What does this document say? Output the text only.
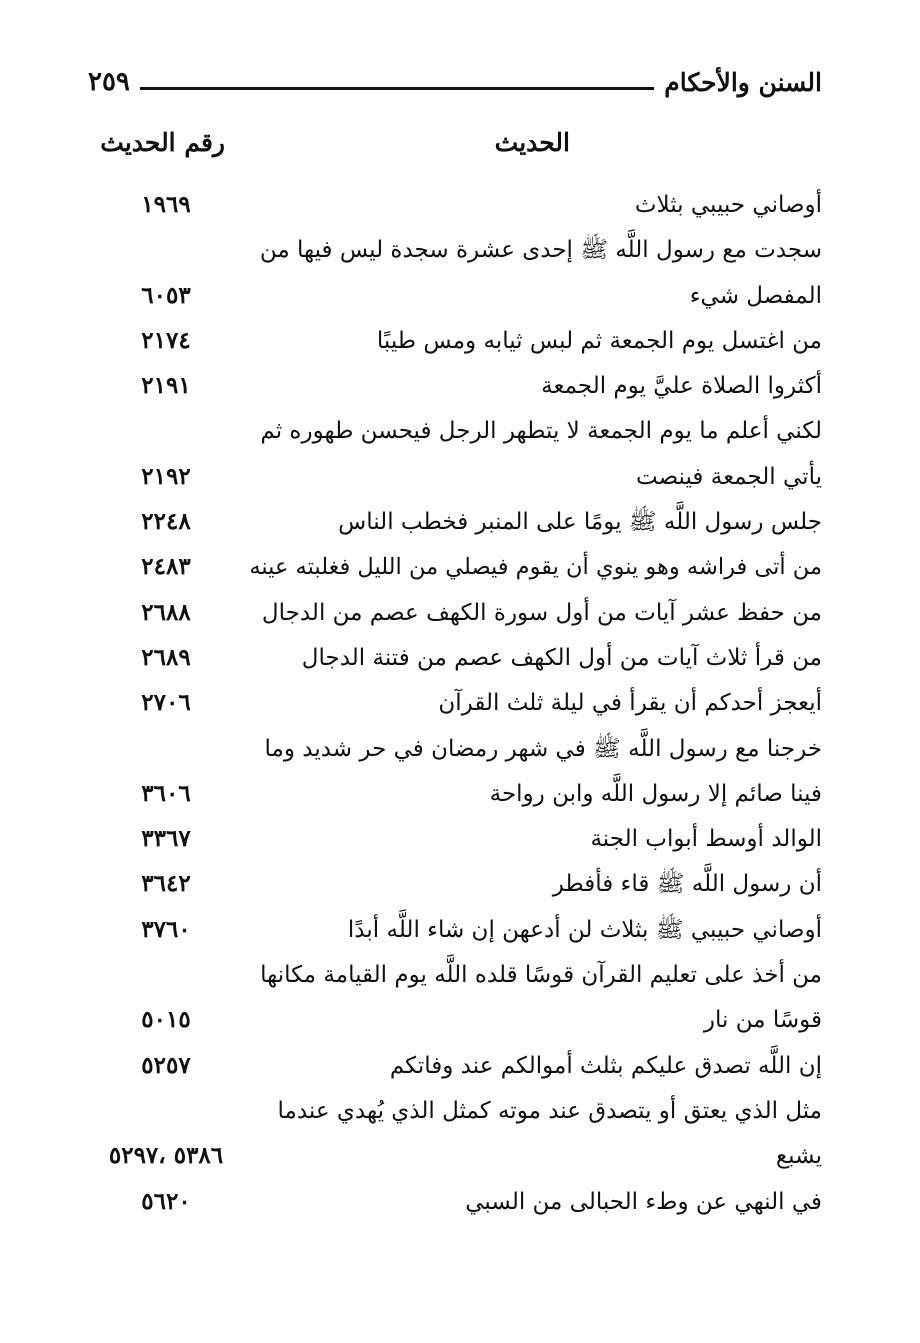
السنن والأحكام
٢٥٩
الحديث
رقم الحديث
أوصاني حبيبي بثلاث
١٩٦٩
سجدت مع رسول اللَّه ﷺ إحدى عشرة سجدة ليس فيها من
المفصل شيء
٦٠٥٣
من اغتسل يوم الجمعة ثم لبس ثيابه ومس طيبًا
٢١٧٤
أكثروا الصلاة عليَّ يوم الجمعة
٢١٩١
لكني أعلم ما يوم الجمعة لا يتطهر الرجل فيحسن طهوره ثم
يأتي الجمعة فينصت
٢١٩٢
جلس رسول اللَّه ﷺ يومًا على المنبر فخطب الناس
٢٢٤٨
من أتى فراشه وهو ينوي أن يقوم فيصلي من الليل فغلبته عينه
٢٤٨٣
من حفظ عشر آيات من أول سورة الكهف عصم من الدجال
٢٦٨٨
من قرأ ثلاث آيات من أول الكهف عصم من فتنة الدجال
٢٦٨٩
أيعجز أحدكم أن يقرأ في ليلة ثلث القرآن
٢٧٠٦
خرجنا مع رسول اللَّه ﷺ في شهر رمضان في حر شديد وما
فينا صائم إلا رسول اللَّه وابن رواحة
٣٦٠٦
الوالد أوسط أبواب الجنة
٣٣٦٧
أن رسول اللَّه ﷺ قاء فأفطر
٣٦٤٢
أوصاني حبيبي ﷺ بثلاث لن أدعهن إن شاء اللَّه أبدًا
٣٧٦٠
من أخذ على تعليم القرآن قوسًا قلده اللَّه يوم القيامة مكانها
قوسًا من نار
٥٠١٥
إن اللَّه تصدق عليكم بثلث أموالكم عند وفاتكم
٥٢٥٧
مثل الذي يعتق أو يتصدق عند موته كمثل الذي يُهدي عندما
يشبع
٥٣٨٦ ،٥٢٩٧
في النهي عن وطء الحبالى من السبي
٥٦٢٠
